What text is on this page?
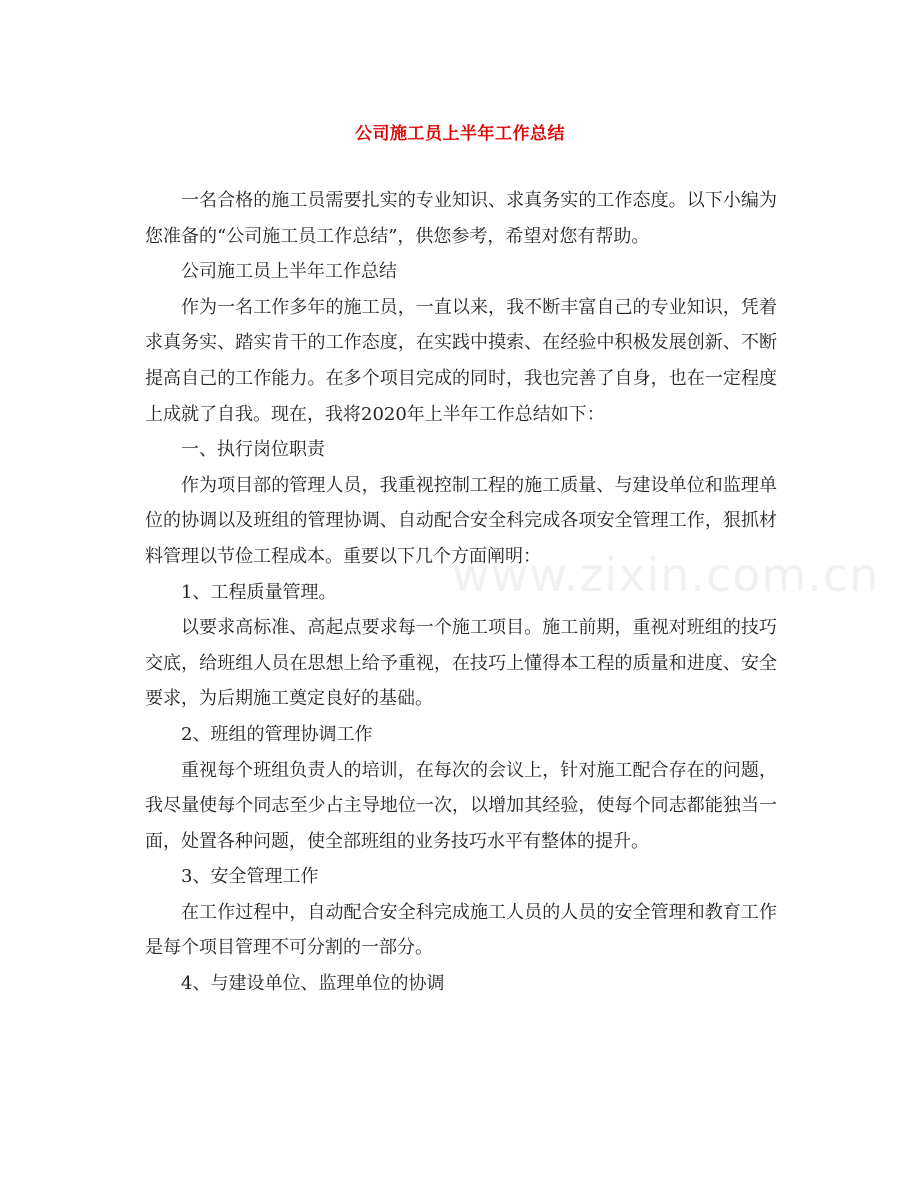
www.zixin.com.cn
公司施工员上半年工作总结

一名合格的施工员需要扎实的专业知识、求真务实的工作态度。以下小编为您准备的“公司施工员工作总结”，供您参考，希望对您有帮助。

公司施工员上半年工作总结

作为一名工作多年的施工员，一直以来，我不断丰富自己的专业知识，凭着求真务实、踏实肯干的工作态度，在实践中摸索、在经验中积极发展创新、不断提高自己的工作能力。在多个项目完成的同时，我也完善了自身，也在一定程度上成就了自我。现在，我将2020年上半年工作总结如下：

一、执行岗位职责

作为项目部的管理人员，我重视控制工程的施工质量、与建设单位和监理单位的协调以及班组的管理协调、自动配合安全科完成各项安全管理工作，狠抓材料管理以节俭工程成本。重要以下几个方面阐明：

1、工程质量管理。

以要求高标准、高起点要求每一个施工项目。施工前期，重视对班组的技巧交底，给班组人员在思想上给予重视，在技巧上懂得本工程的质量和进度、安全要求，为后期施工奠定良好的基础。

2、班组的管理协调工作

重视每个班组负责人的培训，在每次的会议上，针对施工配合存在的问题，我尽量使每个同志至少占主导地位一次，以增加其经验，使每个同志都能独当一面，处置各种问题，使全部班组的业务技巧水平有整体的提升。

3、安全管理工作

在工作过程中，自动配合安全科完成施工人员的人员的安全管理和教育工作是每个项目管理不可分割的一部分。

4、与建设单位、监理单位的协调
